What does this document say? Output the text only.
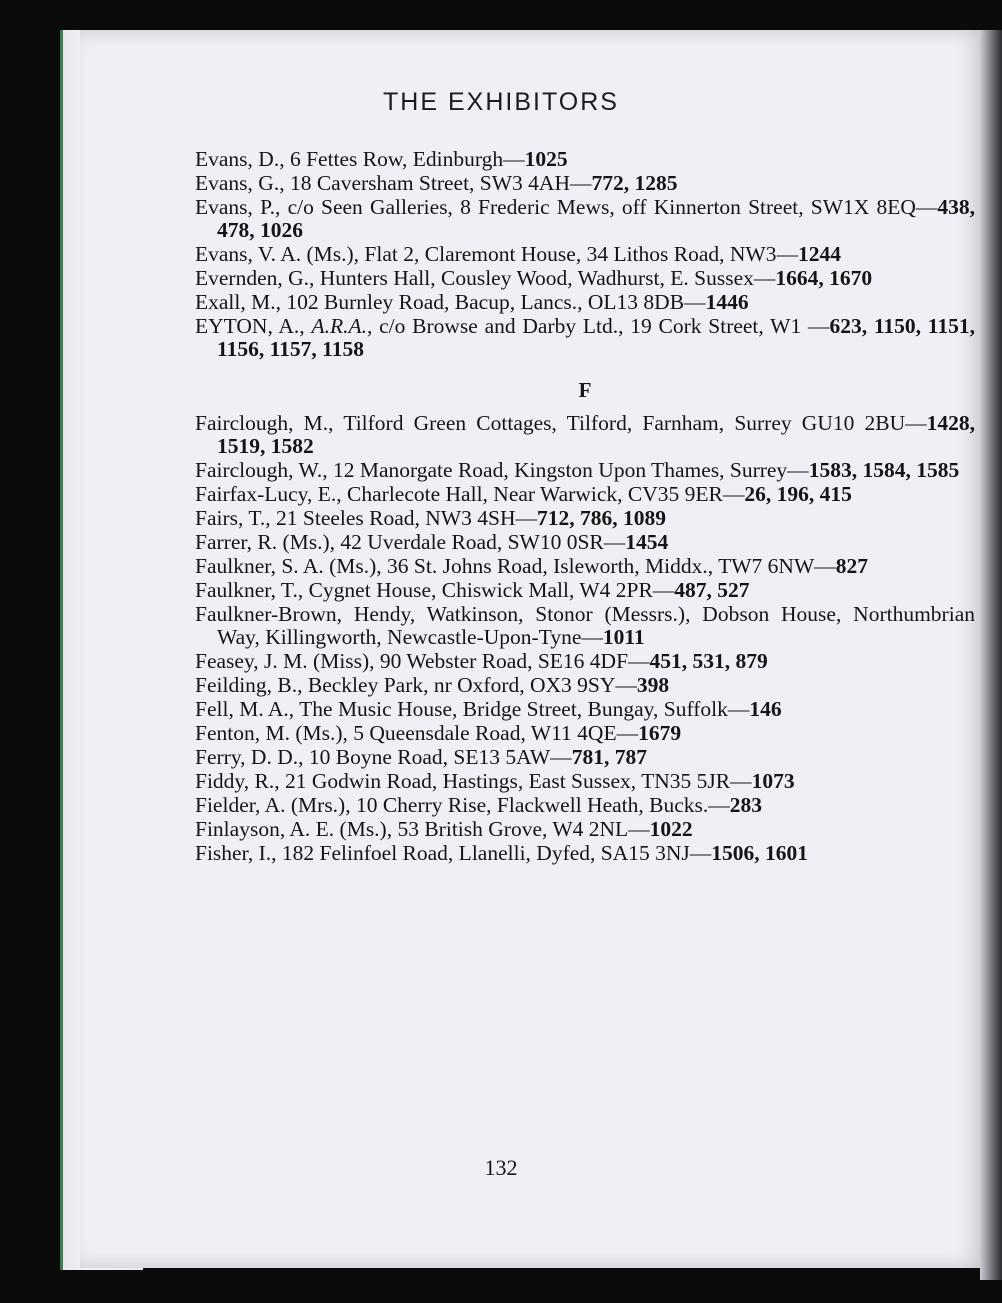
THE EXHIBITORS
Evans, D., 6 Fettes Row, Edinburgh—1025
Evans, G., 18 Caversham Street, SW3 4AH—772, 1285
Evans, P., c/o Seen Galleries, 8 Frederic Mews, off Kinnerton Street, SW1X 8EQ—438, 478, 1026
Evans, V. A. (Ms.), Flat 2, Claremont House, 34 Lithos Road, NW3—1244
Evernden, G., Hunters Hall, Cousley Wood, Wadhurst, E. Sussex—1664, 1670
Exall, M., 102 Burnley Road, Bacup, Lancs., OL13 8DB—1446
EYTON, A., A.R.A., c/o Browse and Darby Ltd., 19 Cork Street, W1 —623, 1150, 1151, 1156, 1157, 1158
F
Fairclough, M., Tilford Green Cottages, Tilford, Farnham, Surrey GU10 2BU—1428, 1519, 1582
Fairclough, W., 12 Manorgate Road, Kingston Upon Thames, Surrey—1583, 1584, 1585
Fairfax-Lucy, E., Charlecote Hall, Near Warwick, CV35 9ER—26, 196, 415
Fairs, T., 21 Steeles Road, NW3 4SH—712, 786, 1089
Farrer, R. (Ms.), 42 Uverdale Road, SW10 0SR—1454
Faulkner, S. A. (Ms.), 36 St. Johns Road, Isleworth, Middx., TW7 6NW—827
Faulkner, T., Cygnet House, Chiswick Mall, W4 2PR—487, 527
Faulkner-Brown, Hendy, Watkinson, Stonor (Messrs.), Dobson House, Northumbrian Way, Killingworth, Newcastle-Upon-Tyne—1011
Feasey, J. M. (Miss), 90 Webster Road, SE16 4DF—451, 531, 879
Feilding, B., Beckley Park, nr Oxford, OX3 9SY—398
Fell, M. A., The Music House, Bridge Street, Bungay, Suffolk—146
Fenton, M. (Ms.), 5 Queensdale Road, W11 4QE—1679
Ferry, D. D., 10 Boyne Road, SE13 5AW—781, 787
Fiddy, R., 21 Godwin Road, Hastings, East Sussex, TN35 5JR—1073
Fielder, A. (Mrs.), 10 Cherry Rise, Flackwell Heath, Bucks.—283
Finlayson, A. E. (Ms.), 53 British Grove, W4 2NL—1022
Fisher, I., 182 Felinfoel Road, Llanelli, Dyfed, SA15 3NJ—1506, 1601
132
